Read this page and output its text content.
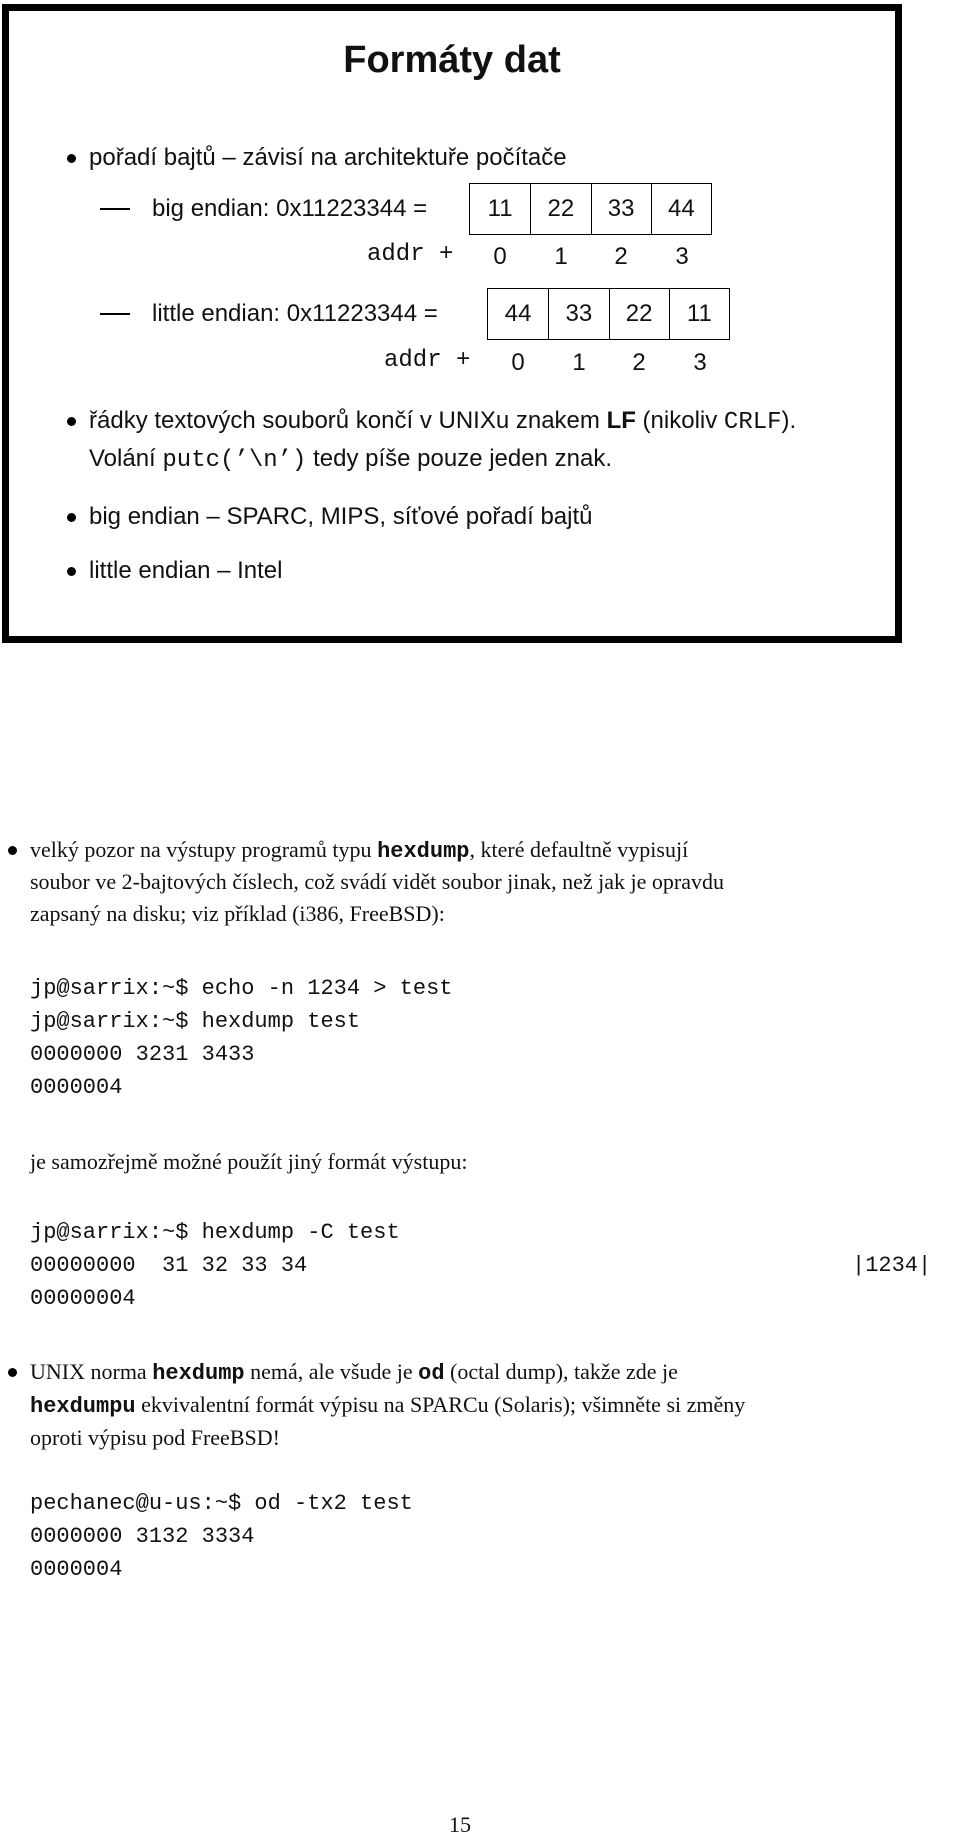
Formáty dat
pořadí bajtů – závisí na architektuře počítače
big endian: 0x11223344 =	11	22	33	44
addr +	0	1	2	3
little endian: 0x11223344 =	44	33	22	11
addr +	0	1	2	3
řádky textových souborů končí v UNIXu znakem LF (nikoliv CRLF).
Volání putc(’\n’) tedy píše pouze jeden znak.
big endian – SPARC, MIPS, síťové pořadí bajtů
little endian – Intel
velký pozor na výstupy programů typu hexdump, které defaultně vypisují
soubor ve 2-bajtových číslech, což svádí vidět soubor jinak, než jak je opravdu
zapsaný na disku; viz příklad (i386, FreeBSD):
jp@sarrix:~$ echo -n 1234 > test
jp@sarrix:~$ hexdump test
0000000 3231 3433
0000004
je samozřejmě možné použít jiný formát výstupu:
jp@sarrix:~$ hexdump -C test
00000000  31 32 33 34	|1234|
00000004
UNIX norma hexdump nemá, ale všude je od (octal dump), takže zde je
hexdumpu ekvivalentní formát výpisu na SPARCu (Solaris); všimněte si změny
oproti výpisu pod FreeBSD!
pechanec@u-us:~$ od -tx2 test
0000000 3132 3334
0000004
15
